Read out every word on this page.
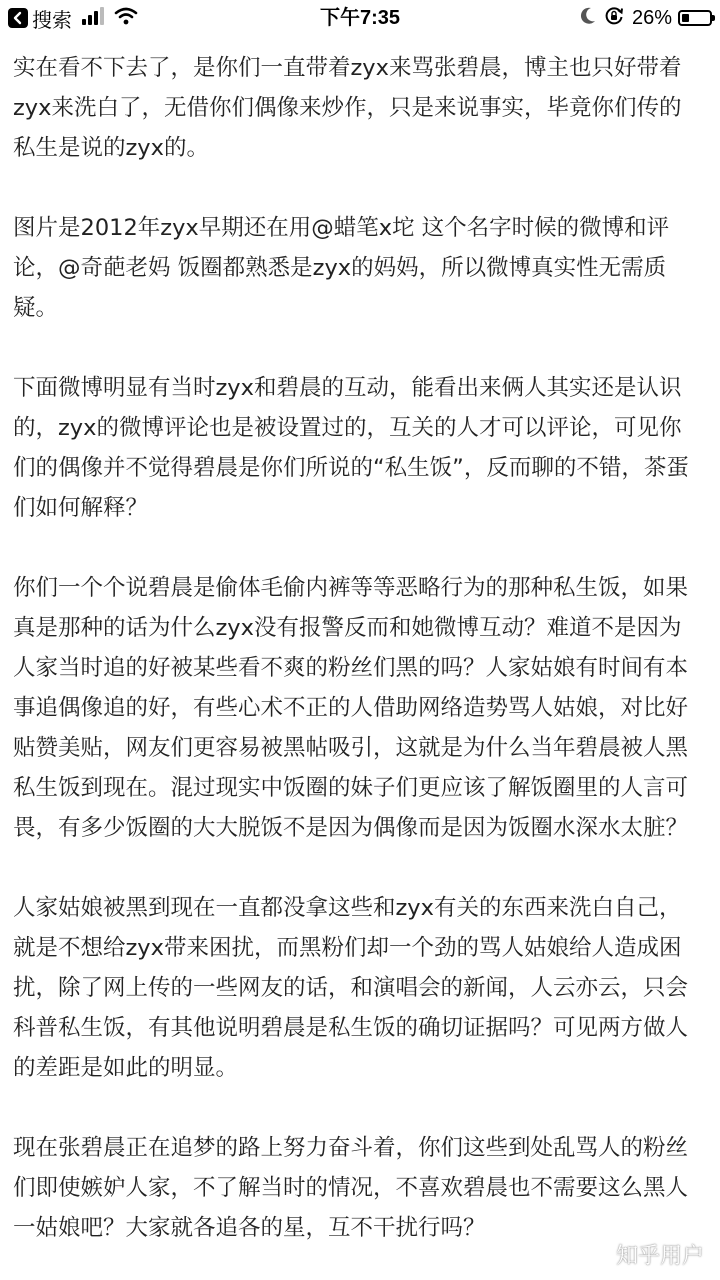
搜索	下午7:35	26%

实在看不下去了，是你们一直带着zyx来骂张碧晨，博主也只好带着
zyx来洗白了，无借你们偶像来炒作，只是来说事实，毕竟你们传的
私生是说的zyx的。

图片是2012年zyx早期还在用@蜡笔x坨 这个名字时候的微博和评
论，@奇葩老妈 饭圈都熟悉是zyx的妈妈，所以微博真实性无需质
疑。

下面微博明显有当时zyx和碧晨的互动，能看出来俩人其实还是认识
的，zyx的微博评论也是被设置过的，互关的人才可以评论，可见你
们的偶像并不觉得碧晨是你们所说的“私生饭”，反而聊的不错，茶蛋
们如何解释？

你们一个个说碧晨是偷体毛偷内裤等等恶略行为的那种私生饭，如果
真是那种的话为什么zyx没有报警反而和她微博互动？难道不是因为
人家当时追的好被某些看不爽的粉丝们黑的吗？人家姑娘有时间有本
事追偶像追的好，有些心术不正的人借助网络造势骂人姑娘，对比好
贴赞美贴，网友们更容易被黑帖吸引，这就是为什么当年碧晨被人黑
私生饭到现在。混过现实中饭圈的妹子们更应该了解饭圈里的人言可
畏，有多少饭圈的大大脱饭不是因为偶像而是因为饭圈水深水太脏？

人家姑娘被黑到现在一直都没拿这些和zyx有关的东西来洗白自己，
就是不想给zyx带来困扰，而黑粉们却一个劲的骂人姑娘给人造成困
扰，除了网上传的一些网友的话，和演唱会的新闻，人云亦云，只会
科普私生饭，有其他说明碧晨是私生饭的确切证据吗？可见两方做人
的差距是如此的明显。

现在张碧晨正在追梦的路上努力奋斗着，你们这些到处乱骂人的粉丝
们即使嫉妒人家，不了解当时的情况，不喜欢碧晨也不需要这么黑人
一姑娘吧？大家就各追各的星，互不干扰行吗？

知乎用户
